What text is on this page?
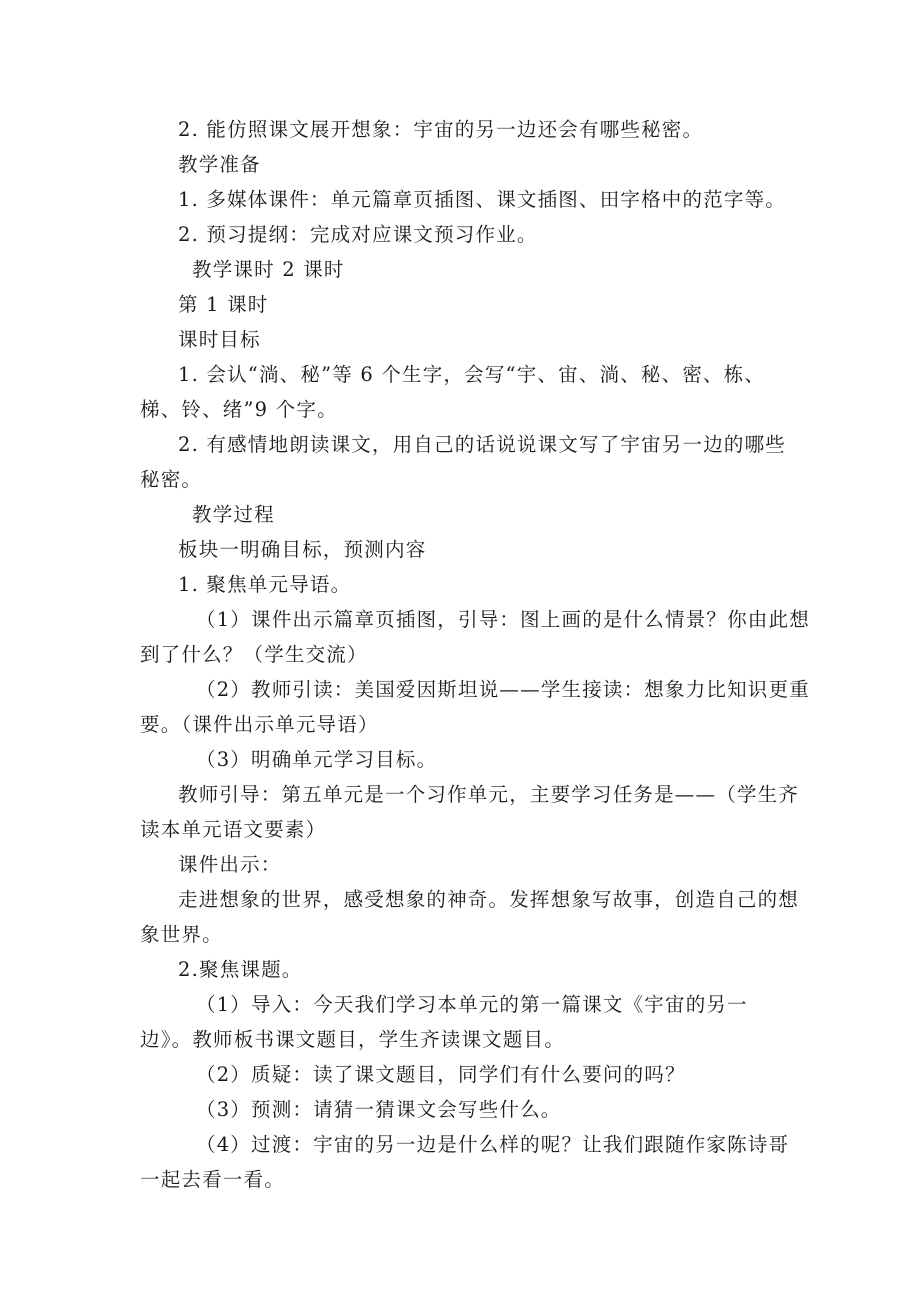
2. 能仿照课文展开想象：宇宙的另一边还会有哪些秘密。
教学准备
1. 多媒体课件：单元篇章页插图、课文插图、田字格中的范字等。
2. 预习提纲：完成对应课文预习作业。
教学课时 2 课时
第 1 课时
课时目标
1. 会认“淌、秘”等 6 个生字，会写“宇、宙、淌、秘、密、栋、
梯、铃、绪”9 个字。
2. 有感情地朗读课文，用自己的话说说课文写了宇宙另一边的哪些
秘密。
教学过程
板块一明确目标，预测内容
1. 聚焦单元导语。
（1）课件出示篇章页插图，引导：图上画的是什么情景？你由此想
到了什么？（学生交流）
（2）教师引读：美国爱因斯坦说——学生接读：想象力比知识更重
要。（课件出示单元导语）
（3）明确单元学习目标。
教师引导：第五单元是一个习作单元，主要学习任务是——（学生齐
读本单元语文要素）
课件出示：
走进想象的世界，感受想象的神奇。发挥想象写故事，创造自己的想
象世界。
2.聚焦课题。
（1）导入：今天我们学习本单元的第一篇课文《宇宙的另一
边》。教师板书课文题目，学生齐读课文题目。
（2）质疑：读了课文题目，同学们有什么要问的吗？
（3）预测：请猜一猜课文会写些什么。
（4）过渡：宇宙的另一边是什么样的呢？让我们跟随作家陈诗哥
一起去看一看。
